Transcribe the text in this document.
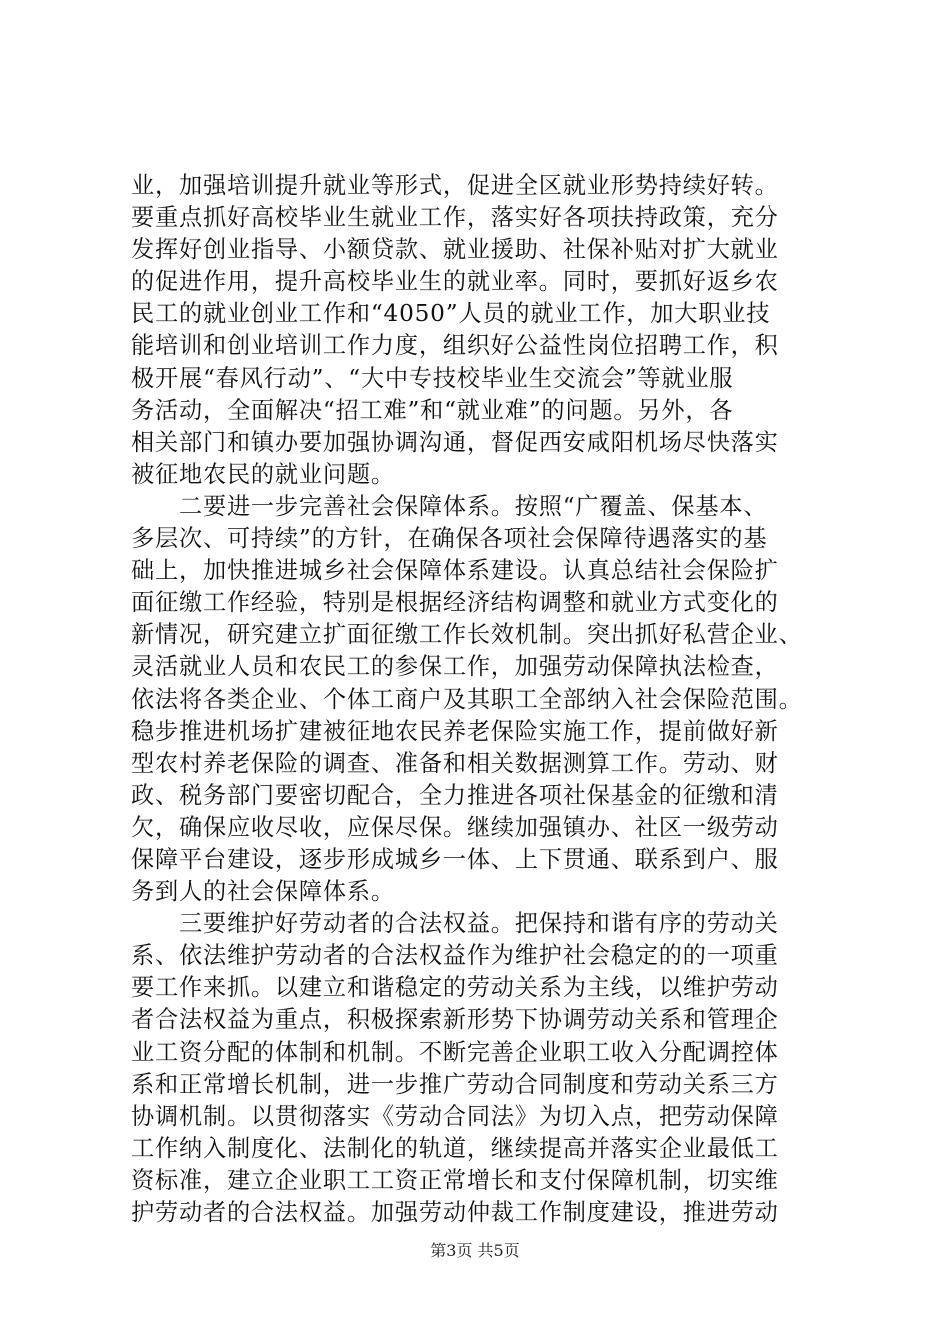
业，加强培训提升就业等形式，促进全区就业形势持续好转。
要重点抓好高校毕业生就业工作，落实好各项扶持政策，充分
发挥好创业指导、小额贷款、就业援助、社保补贴对扩大就业
的促进作用，提升高校毕业生的就业率。同时，要抓好返乡农
民工的就业创业工作和“4050”人员的就业工作，加大职业技
能培训和创业培训工作力度，组织好公益性岗位招聘工作，积
极开展“春风行动”、“大中专技校毕业生交流会”等就业服
务活动，全面解决“招工难”和“就业难”的问题。另外，各
相关部门和镇办要加强协调沟通，督促西安咸阳机场尽快落实
被征地农民的就业问题。
　　二要进一步完善社会保障体系。按照“广覆盖、保基本、
多层次、可持续”的方针，在确保各项社会保障待遇落实的基
础上，加快推进城乡社会保障体系建设。认真总结社会保险扩
面征缴工作经验，特别是根据经济结构调整和就业方式变化的
新情况，研究建立扩面征缴工作长效机制。突出抓好私营企业、
灵活就业人员和农民工的参保工作，加强劳动保障执法检查，
依法将各类企业、个体工商户及其职工全部纳入社会保险范围。
稳步推进机场扩建被征地农民养老保险实施工作，提前做好新
型农村养老保险的调查、准备和相关数据测算工作。劳动、财
政、税务部门要密切配合，全力推进各项社保基金的征缴和清
欠，确保应收尽收，应保尽保。继续加强镇办、社区一级劳动
保障平台建设，逐步形成城乡一体、上下贯通、联系到户、服
务到人的社会保障体系。
　　三要维护好劳动者的合法权益。把保持和谐有序的劳动关
系、依法维护劳动者的合法权益作为维护社会稳定的的一项重
要工作来抓。以建立和谐稳定的劳动关系为主线，以维护劳动
者合法权益为重点，积极探索新形势下协调劳动关系和管理企
业工资分配的体制和机制。不断完善企业职工收入分配调控体
系和正常增长机制，进一步推广劳动合同制度和劳动关系三方
协调机制。以贯彻落实《劳动合同法》为切入点，把劳动保障
工作纳入制度化、法制化的轨道，继续提高并落实企业最低工
资标准，建立企业职工工资正常增长和支付保障机制，切实维
护劳动者的合法权益。加强劳动仲裁工作制度建设，推进劳动
第3页 共5页
